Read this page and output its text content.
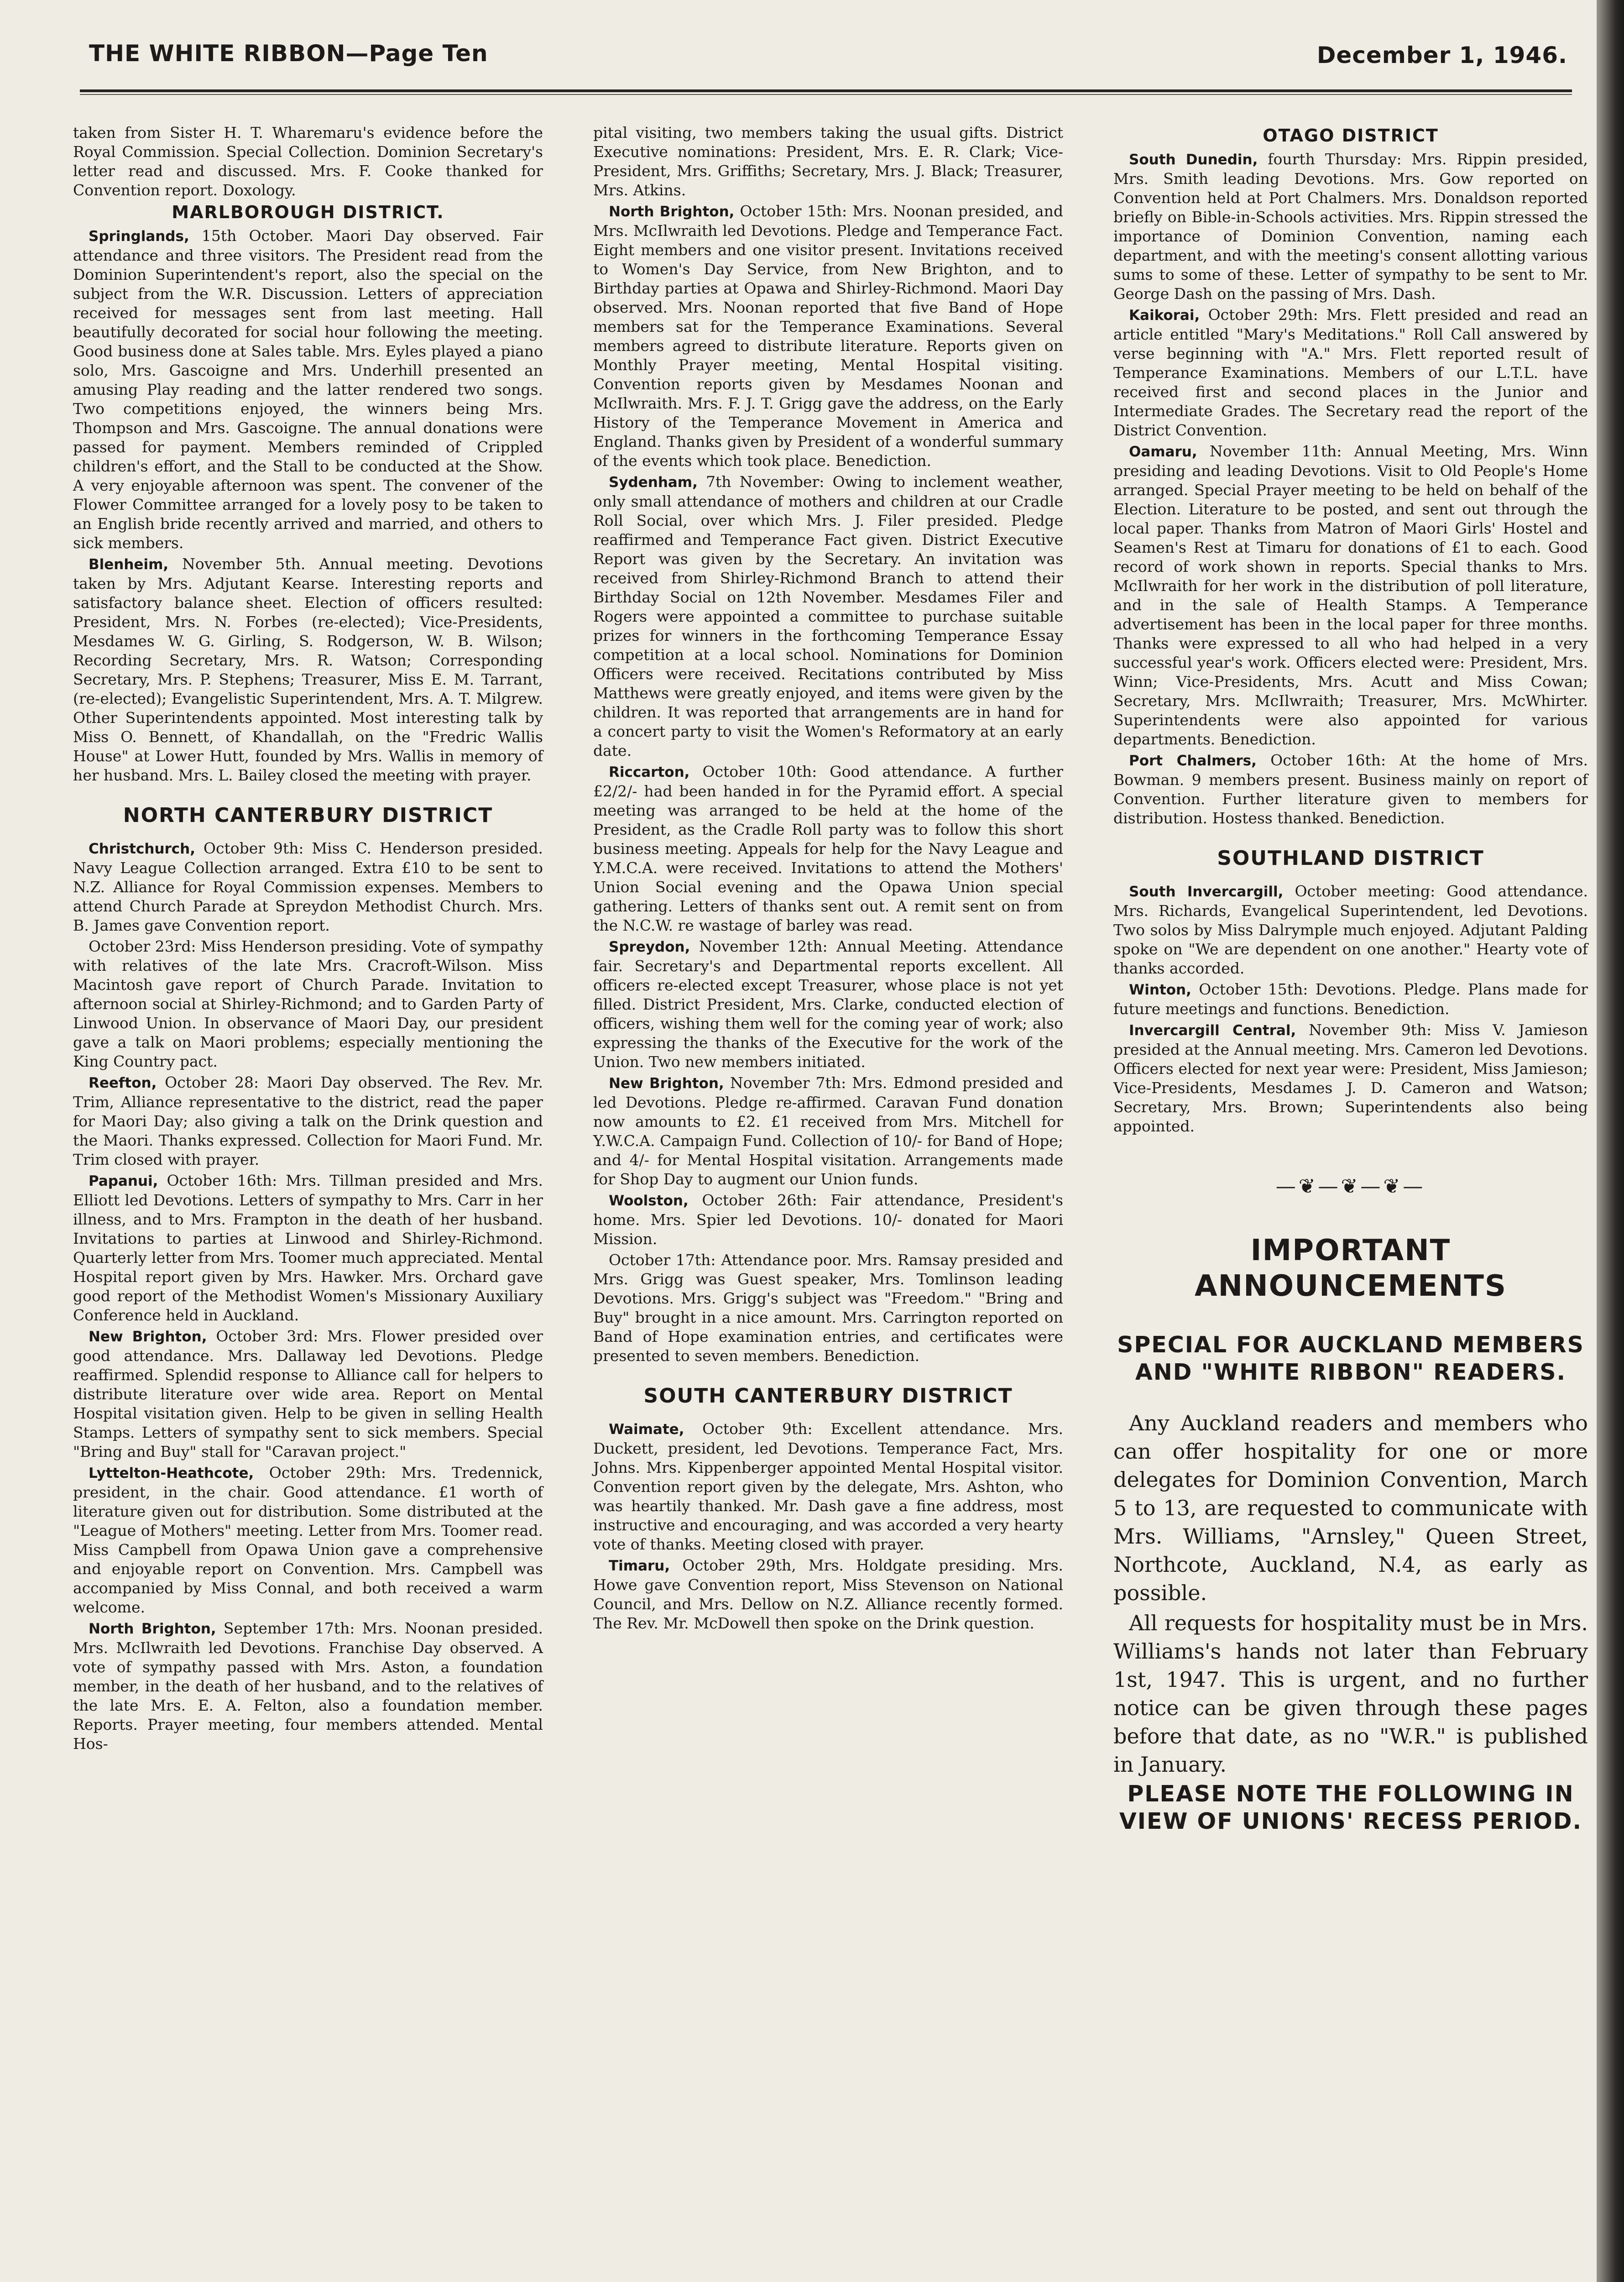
THE WHITE RIBBON—Page Ten	December 1, 1946.

taken from Sister H. T. Wharemaru's evidence before the Royal Commission. Special Collection. Dominion Secretary's letter read and discussed. Mrs. F. Cooke thanked for Convention report. Doxology.

MARLBOROUGH DISTRICT.

Springlands, 15th October. Maori Day observed. Fair attendance and three visitors. The President read from the Dominion Superintendent's report, also the special on the subject from the W.R. Discussion. Letters of appreciation received for messages sent from last meeting. Hall beautifully decorated for social hour following the meeting. Good business done at Sales table. Mrs. Eyles played a piano solo, Mrs. Gascoigne and Mrs. Underhill presented an amusing Play reading and the latter rendered two songs. Two competitions enjoyed, the winners being Mrs. Thompson and Mrs. Gascoigne. The annual donations were passed for payment. Members reminded of Crippled children's effort, and the Stall to be conducted at the Show. A very enjoyable afternoon was spent. The convener of the Flower Committee arranged for a lovely posy to be taken to an English bride recently arrived and married, and others to sick members.

Blenheim, November 5th. Annual meeting. Devotions taken by Mrs. Adjutant Kearse. Interesting reports and satisfactory balance sheet. Election of officers resulted: President, Mrs. N. Forbes (re-elected); Vice-Presidents, Mesdames W. G. Girling, S. Rodgerson, W. B. Wilson; Recording Secretary, Mrs. R. Watson; Corresponding Secretary, Mrs. P. Stephens; Treasurer, Miss E. M. Tarrant, (re-elected); Evangelistic Superintendent, Mrs. A. T. Milgrew. Other Superintendents appointed. Most interesting talk by Miss O. Bennett, of Khandallah, on the "Fredric Wallis House" at Lower Hutt, founded by Mrs. Wallis in memory of her husband. Mrs. L. Bailey closed the meeting with prayer.

NORTH CANTERBURY DISTRICT

Christchurch, October 9th: Miss C. Henderson presided. Navy League Collection arranged. Extra £10 to be sent to N.Z. Alliance for Royal Commission expenses. Members to attend Church Parade at Spreydon Methodist Church. Mrs. B. James gave Convention report.

October 23rd: Miss Henderson presiding. Vote of sympathy with relatives of the late Mrs. Cracroft-Wilson. Miss Macintosh gave report of Church Parade. Invitation to afternoon social at Shirley-Richmond; and to Garden Party of Linwood Union. In observance of Maori Day, our president gave a talk on Maori problems; especially mentioning the King Country pact.

Reefton, October 28: Maori Day observed. The Rev. Mr. Trim, Alliance representative to the district, read the paper for Maori Day; also giving a talk on the Drink question and the Maori. Thanks expressed. Collection for Maori Fund. Mr. Trim closed with prayer.

Papanui, October 16th: Mrs. Tillman presided and Mrs. Elliott led Devotions. Letters of sympathy to Mrs. Carr in her illness, and to Mrs. Frampton in the death of her husband. Invitations to parties at Linwood and Shirley-Richmond. Quarterly letter from Mrs. Toomer much appreciated. Mental Hospital report given by Mrs. Hawker. Mrs. Orchard gave good report of the Methodist Women's Missionary Auxiliary Conference held in Auckland.

New Brighton, October 3rd: Mrs. Flower presided over good attendance. Mrs. Dallaway led Devotions. Pledge reaffirmed. Splendid response to Alliance call for helpers to distribute literature over wide area. Report on Mental Hospital visitation given. Help to be given in selling Health Stamps. Letters of sympathy sent to sick members. Special "Bring and Buy" stall for "Caravan project."

Lyttelton-Heathcote, October 29th: Mrs. Tredennick, president, in the chair. Good attendance. £1 worth of literature given out for distribution. Some distributed at the "League of Mothers" meeting. Letter from Mrs. Toomer read. Miss Campbell from Opawa Union gave a comprehensive and enjoyable report on Convention. Mrs. Campbell was accompanied by Miss Connal, and both received a warm welcome.

North Brighton, September 17th: Mrs. Noonan presided. Mrs. McIlwraith led Devotions. Franchise Day observed. A vote of sympathy passed with Mrs. Aston, a foundation member, in the death of her husband, and to the relatives of the late Mrs. E. A. Felton, also a foundation member. Reports. Prayer meeting, four members attended. Mental Hos-

pital visiting, two members taking the usual gifts. District Executive nominations: President, Mrs. E. R. Clark; Vice-President, Mrs. Griffiths; Secretary, Mrs. J. Black; Treasurer, Mrs. Atkins.

North Brighton, October 15th: Mrs. Noonan presided, and Mrs. McIlwraith led Devotions. Pledge and Temperance Fact. Eight members and one visitor present. Invitations received to Women's Day Service, from New Brighton, and to Birthday parties at Opawa and Shirley-Richmond. Maori Day observed. Mrs. Noonan reported that five Band of Hope members sat for the Temperance Examinations. Several members agreed to distribute literature. Reports given on Monthly Prayer meeting, Mental Hospital visiting. Convention reports given by Mesdames Noonan and McIlwraith. Mrs. F. J. T. Grigg gave the address, on the Early History of the Temperance Movement in America and England. Thanks given by President of a wonderful summary of the events which took place. Benediction.

Sydenham, 7th November: Owing to inclement weather, only small attendance of mothers and children at our Cradle Roll Social, over which Mrs. J. Filer presided. Pledge reaffirmed and Temperance Fact given. District Executive Report was given by the Secretary. An invitation was received from Shirley-Richmond Branch to attend their Birthday Social on 12th November. Mesdames Filer and Rogers were appointed a committee to purchase suitable prizes for winners in the forthcoming Temperance Essay competition at a local school. Nominations for Dominion Officers were received. Recitations contributed by Miss Matthews were greatly enjoyed, and items were given by the children. It was reported that arrangements are in hand for a concert party to visit the Women's Reformatory at an early date.

Riccarton, October 10th: Good attendance. A further £2/2/- had been handed in for the Pyramid effort. A special meeting was arranged to be held at the home of the President, as the Cradle Roll party was to follow this short business meeting. Appeals for help for the Navy League and Y.M.C.A. were received. Invitations to attend the Mothers' Union Social evening and the Opawa Union special gathering. Letters of thanks sent out. A remit sent on from the N.C.W. re wastage of barley was read.

Spreydon, November 12th: Annual Meeting. Attendance fair. Secretary's and Departmental reports excellent. All officers re-elected except Treasurer, whose place is not yet filled. District President, Mrs. Clarke, conducted election of officers, wishing them well for the coming year of work; also expressing the thanks of the Executive for the work of the Union. Two new members initiated.

New Brighton, November 7th: Mrs. Edmond presided and led Devotions. Pledge re-affirmed. Caravan Fund donation now amounts to £2. £1 received from Mrs. Mitchell for Y.W.C.A. Campaign Fund. Collection of 10/- for Band of Hope; and 4/- for Mental Hospital visitation. Arrangements made for Shop Day to augment our Union funds.

Woolston, October 26th: Fair attendance, President's home. Mrs. Spier led Devotions. 10/- donated for Maori Mission.

October 17th: Attendance poor. Mrs. Ramsay presided and Mrs. Grigg was Guest speaker, Mrs. Tomlinson leading Devotions. Mrs. Grigg's subject was "Freedom." "Bring and Buy" brought in a nice amount. Mrs. Carrington reported on Band of Hope examination entries, and certificates were presented to seven members. Benediction.

SOUTH CANTERBURY DISTRICT

Waimate, October 9th: Excellent attendance. Mrs. Duckett, president, led Devotions. Temperance Fact, Mrs. Johns. Mrs. Kippenberger appointed Mental Hospital visitor. Convention report given by the delegate, Mrs. Ashton, who was heartily thanked. Mr. Dash gave a fine address, most instructive and encouraging, and was accorded a very hearty vote of thanks. Meeting closed with prayer.

Timaru, October 29th, Mrs. Holdgate presiding. Mrs. Howe gave Convention report, Miss Stevenson on National Council, and Mrs. Dellow on N.Z. Alliance recently formed. The Rev. Mr. McDowell then spoke on the Drink question.

OTAGO DISTRICT

South Dunedin, fourth Thursday: Mrs. Rippin presided, Mrs. Smith leading Devotions. Mrs. Gow reported on Convention held at Port Chalmers. Mrs. Donaldson reported briefly on Bible-in-Schools activities. Mrs. Rippin stressed the importance of Dominion Convention, naming each department, and with the meeting's consent allotting various sums to some of these. Letter of sympathy to be sent to Mr. George Dash on the passing of Mrs. Dash.

Kaikorai, October 29th: Mrs. Flett presided and read an article entitled "Mary's Meditations." Roll Call answered by verse beginning with "A." Mrs. Flett reported result of Temperance Examinations. Members of our L.T.L. have received first and second places in the Junior and Intermediate Grades. The Secretary read the report of the District Convention.

Oamaru, November 11th: Annual Meeting, Mrs. Winn presiding and leading Devotions. Visit to Old People's Home arranged. Special Prayer meeting to be held on behalf of the Election. Literature to be posted, and sent out through the local paper. Thanks from Matron of Maori Girls' Hostel and Seamen's Rest at Timaru for donations of £1 to each. Good record of work shown in reports. Special thanks to Mrs. McIlwraith for her work in the distribution of poll literature, and in the sale of Health Stamps. A Temperance advertisement has been in the local paper for three months. Thanks were expressed to all who had helped in a very successful year's work. Officers elected were: President, Mrs. Winn; Vice-Presidents, Mrs. Acutt and Miss Cowan; Secretary, Mrs. McIlwraith; Treasurer, Mrs. McWhirter. Superintendents were also appointed for various departments. Benediction.

Port Chalmers, October 16th: At the home of Mrs. Bowman. 9 members present. Business mainly on report of Convention. Further literature given to members for distribution. Hostess thanked. Benediction.

SOUTHLAND DISTRICT

South Invercargill, October meeting: Good attendance. Mrs. Richards, Evangelical Superintendent, led Devotions. Two solos by Miss Dalrymple much enjoyed. Adjutant Palding spoke on "We are dependent on one another." Hearty vote of thanks accorded.

Winton, October 15th: Devotions. Pledge. Plans made for future meetings and functions. Benediction.

Invercargill Central, November 9th: Miss V. Jamieson presided at the Annual meeting. Mrs. Cameron led Devotions. Officers elected for next year were: President, Miss Jamieson; Vice-Presidents, Mesdames J. D. Cameron and Watson; Secretary, Mrs. Brown; Superintendents also being appointed.

—❦—❦—❦—
IMPORTANT ANNOUNCEMENTS
SPECIAL FOR AUCKLAND MEMBERS AND "WHITE RIBBON" READERS.

Any Auckland readers and members who can offer hospitality for one or more delegates for Dominion Convention, March 5 to 13, are requested to communicate with Mrs. Williams, "Arnsley," Queen Street, Northcote, Auckland, N.4, as early as possible.

All requests for hospitality must be in Mrs. Williams's hands not later than February 1st, 1947. This is urgent, and no further notice can be given through these pages before that date, as no "W.R." is published in January.

PLEASE NOTE THE FOLLOWING IN VIEW OF UNIONS' RECESS PERIOD.
